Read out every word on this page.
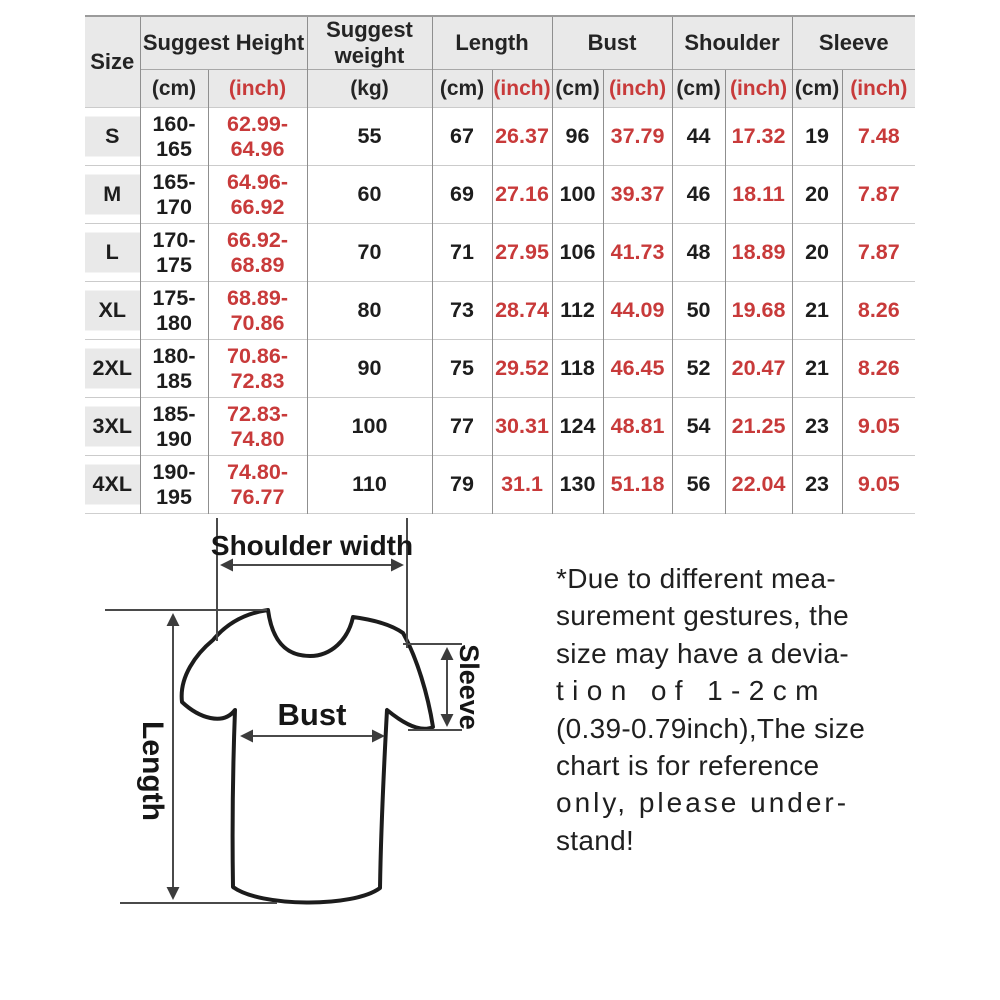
Size	Suggest Height		Suggest weight	Length		Bust		Shoulder		Sleeve	
	(cm)	(inch)	(kg)	(cm)	(inch)	(cm)	(inch)	(cm)	(inch)	(cm)	(inch)
S	160-165	62.99-64.96	55	67	26.37	96	37.79	44	17.32	19	7.48
M	165-170	64.96-66.92	60	69	27.16	100	39.37	46	18.11	20	7.87
L	170-175	66.92-68.89	70	71	27.95	106	41.73	48	18.89	20	7.87
XL	175-180	68.89-70.86	80	73	28.74	112	44.09	50	19.68	21	8.26
2XL	180-185	70.86-72.83	90	75	29.52	118	46.45	52	20.47	21	8.26
3XL	185-190	72.83-74.80	100	77	30.31	124	48.81	54	21.25	23	9.05
4XL	190-195	74.80-76.77	110	79	31.1	130	51.18	56	22.04	23	9.05
Shoulder width
Length
Bust	Sleeve
*Due to different mea-
surement gestures, the
size may have a devia-
t i o n   o f   1 - 2 c m
(0.39-0.79inch),The size
chart is for reference
only, please under-
stand!
